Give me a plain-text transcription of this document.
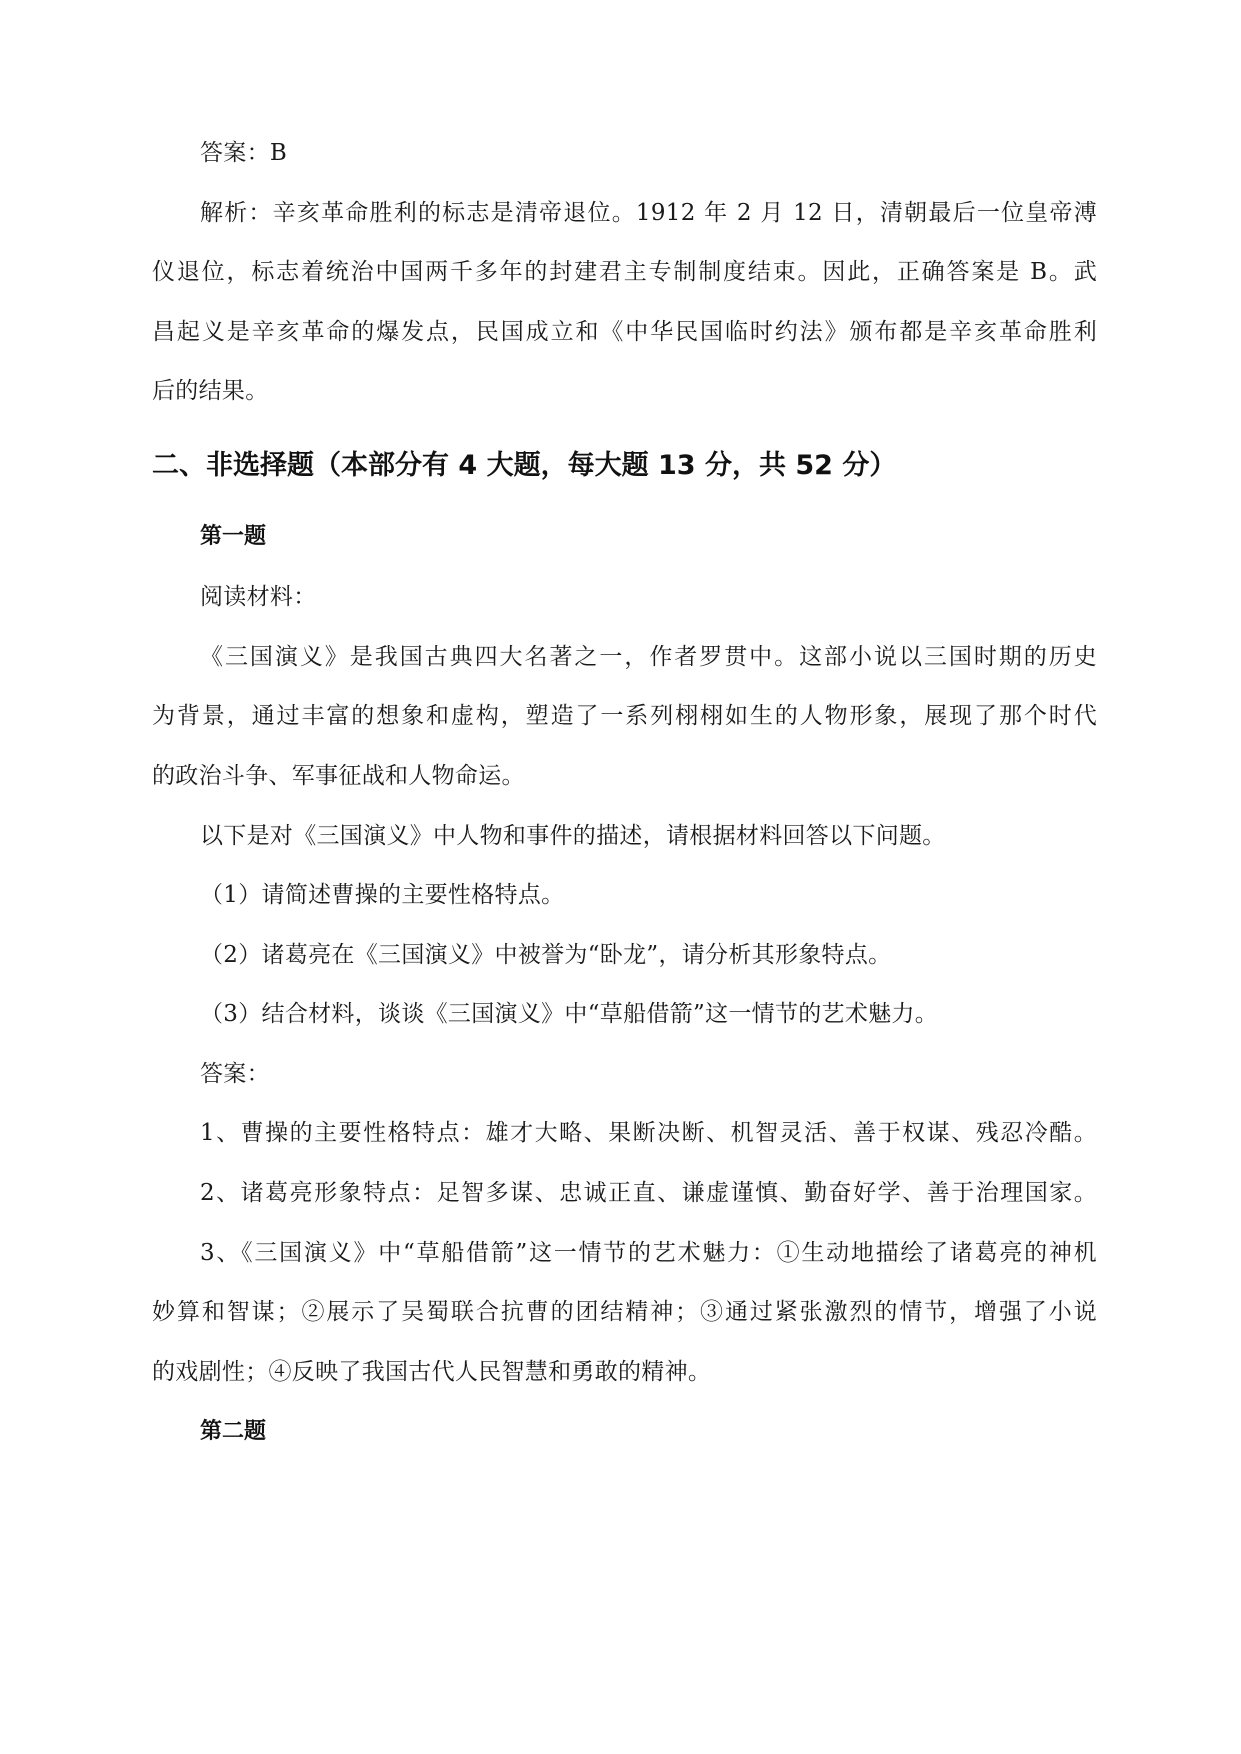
答案：B
解析：辛亥革命胜利的标志是清帝退位。1912 年 2 月 12 日，清朝最后一位皇帝溥
仪退位，标志着统治中国两千多年的封建君主专制制度结束。因此，正确答案是 B。武
昌起义是辛亥革命的爆发点，民国成立和《中华民国临时约法》颁布都是辛亥革命胜利
后的结果。
二、非选择题（本部分有 4 大题，每大题 13 分，共 52 分）
第一题
阅读材料：
《三国演义》是我国古典四大名著之一，作者罗贯中。这部小说以三国时期的历史
为背景，通过丰富的想象和虚构，塑造了一系列栩栩如生的人物形象，展现了那个时代
的政治斗争、军事征战和人物命运。
以下是对《三国演义》中人物和事件的描述，请根据材料回答以下问题。
（1）请简述曹操的主要性格特点。
（2）诸葛亮在《三国演义》中被誉为“卧龙”，请分析其形象特点。
（3）结合材料，谈谈《三国演义》中“草船借箭”这一情节的艺术魅力。
答案：
1、曹操的主要性格特点：雄才大略、果断决断、机智灵活、善于权谋、残忍冷酷。
2、诸葛亮形象特点：足智多谋、忠诚正直、谦虚谨慎、勤奋好学、善于治理国家。
3、《三国演义》中“草船借箭”这一情节的艺术魅力：①生动地描绘了诸葛亮的神机
妙算和智谋；②展示了吴蜀联合抗曹的团结精神；③通过紧张激烈的情节，增强了小说
的戏剧性；④反映了我国古代人民智慧和勇敢的精神。
第二题
